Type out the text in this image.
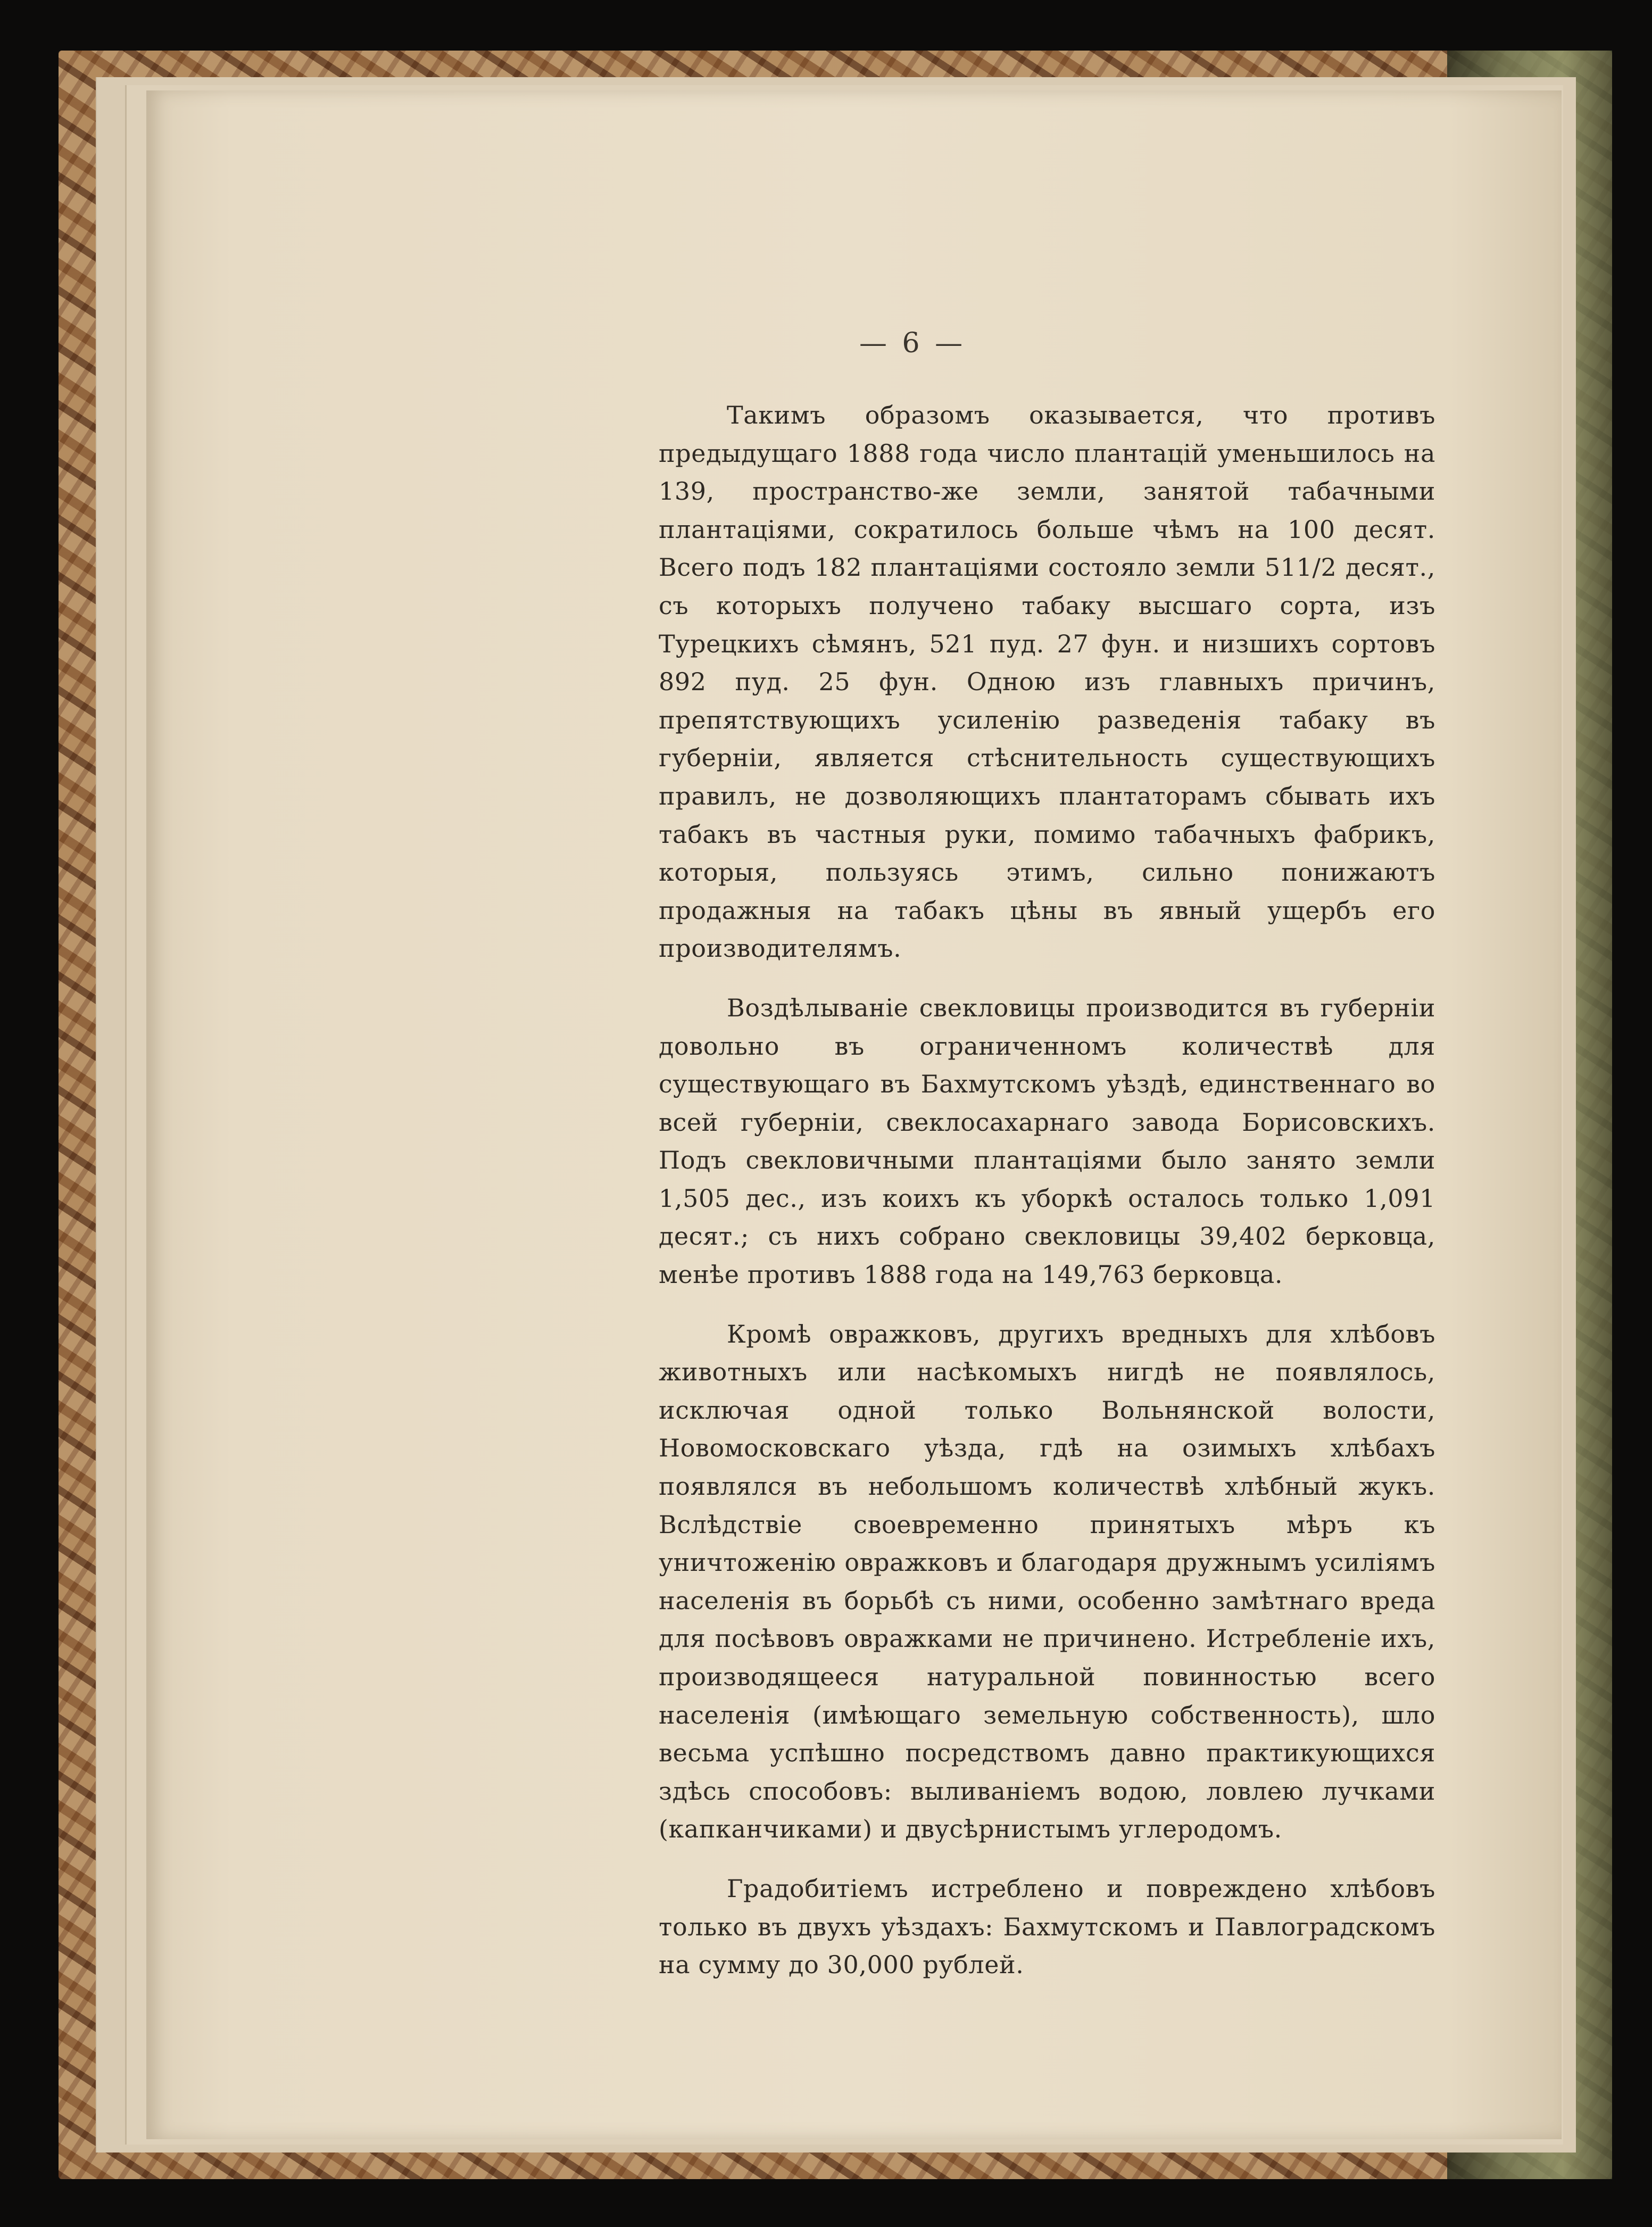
— 6 —

Такимъ образомъ оказывается, что противъ предыдущаго 1888 года число плантацій уменьшилось на 139, пространство-же земли, занятой табачными плантаціями, сократилось больше чѣмъ на 100 десят. Всего подъ 182 плантаціями состояло земли 511/2 десят., съ которыхъ получено табаку высшаго сорта, изъ Турецкихъ сѣмянъ, 521 пуд. 27 фун. и низшихъ сортовъ 892 пуд. 25 фун. Одною изъ главныхъ причинъ, препятствующихъ усиленію разведенія табаку въ губерніи, является стѣснительность существующихъ правилъ, не дозволяющихъ плантаторамъ сбывать ихъ табакъ въ частныя руки, помимо табачныхъ фабрикъ, которыя, пользуясь этимъ, сильно понижаютъ продажныя на табакъ цѣны въ явный ущербъ его производителямъ.

Воздѣлываніе свекловицы производится въ губерніи довольно въ ограниченномъ количествѣ для существующаго въ Бахмутскомъ уѣздѣ, единственнаго во всей губерніи, свеклосахарнаго завода Борисовскихъ. Подъ свекловичными плантаціями было занято земли 1,505 дес., изъ коихъ къ уборкѣ осталось только 1,091 десят.; съ нихъ собрано свекловицы 39,402 берковца, менѣе противъ 1888 года на 149,763 берковца.

Кромѣ овражковъ, другихъ вредныхъ для хлѣбовъ животныхъ или насѣкомыхъ нигдѣ не появлялось, исключая одной только Вольнянской волости, Новомосковскаго уѣзда, гдѣ на озимыхъ хлѣбахъ появлялся въ небольшомъ количествѣ хлѣбный жукъ. Вслѣдствіе своевременно принятыхъ мѣръ къ уничтоженію овражковъ и благодаря дружнымъ усиліямъ населенія въ борьбѣ съ ними, особенно замѣтнаго вреда для посѣвовъ овражками не причинено. Истребленіе ихъ, производящееся натуральной повинностью всего населенія (имѣющаго земельную собственность), шло весьма успѣшно посредствомъ давно практикующихся здѣсь способовъ: выливаніемъ водою, ловлею лучками (капканчиками) и двусѣрнистымъ углеродомъ.

Градобитіемъ истреблено и повреждено хлѣбовъ только въ двухъ уѣздахъ: Бахмутскомъ и Павлоградскомъ на сумму до 30,000 рублей.
